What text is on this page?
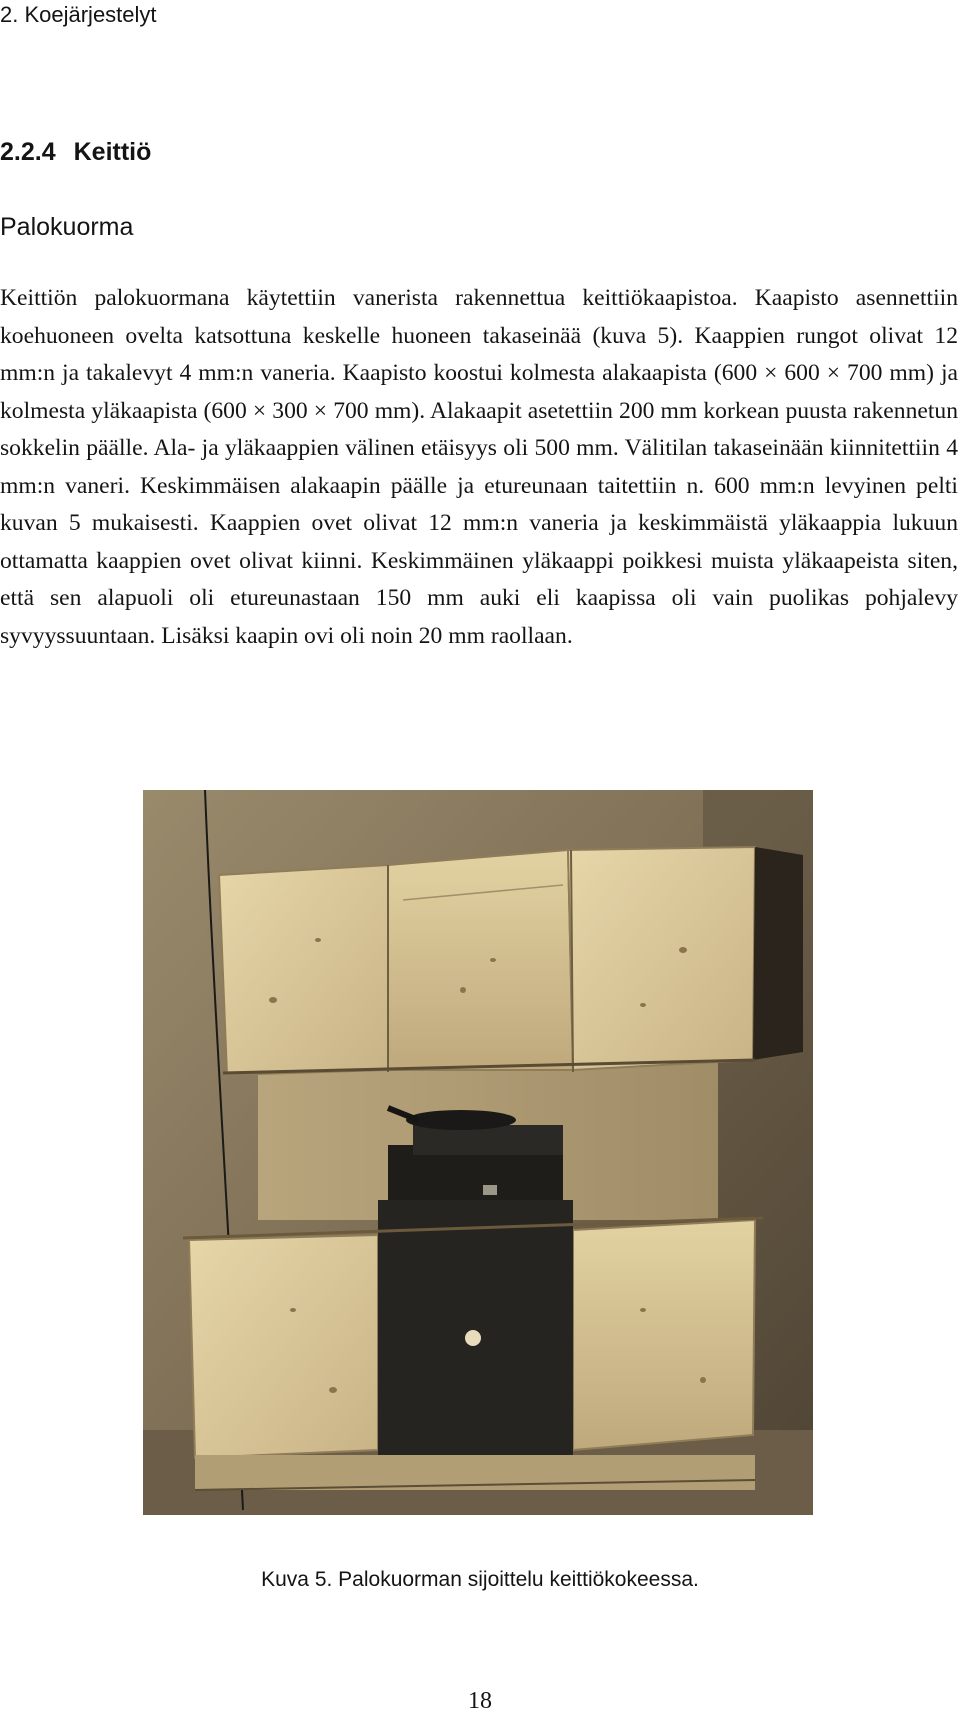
2. Koejärjestelyt
2.2.4 Keittiö
Palokuorma

Keittiön palokuormana käytettiin vanerista rakennettua keittiökaapistoa. Kaapisto asennettiin koehuoneen ovelta katsottuna keskelle huoneen takaseinää (kuva 5). Kaappien rungot olivat 12 mm:n ja takalevyt 4 mm:n vaneria. Kaapisto koostui kolmesta alakaapista (600 × 600 × 700 mm) ja kolmesta yläkaapista (600 × 300 × 700 mm). Alakaapit asetettiin 200 mm korkean puusta rakennetun sokkelin päälle. Ala- ja yläkaappien välinen etäisyys oli 500 mm. Välitilan takaseinään kiinnitettiin 4 mm:n vaneri. Keskimmäisen alakaapin päälle ja etureunaan taitettiin n. 600 mm:n levyinen pelti kuvan 5 mukaisesti. Kaappien ovet olivat 12 mm:n vaneria ja keskimmäistä yläkaappia lukuun ottamatta kaappien ovet olivat kiinni. Keskimmäinen yläkaappi poikkesi muista yläkaapeista siten, että sen alapuoli oli etureunastaan 150 mm auki eli kaapissa oli vain puolikas pohjalevy syvyyssuuntaan. Lisäksi kaapin ovi oli noin 20 mm raollaan.

Kuva 5. Palokuorman sijoittelu keittiökokeessa.
18
